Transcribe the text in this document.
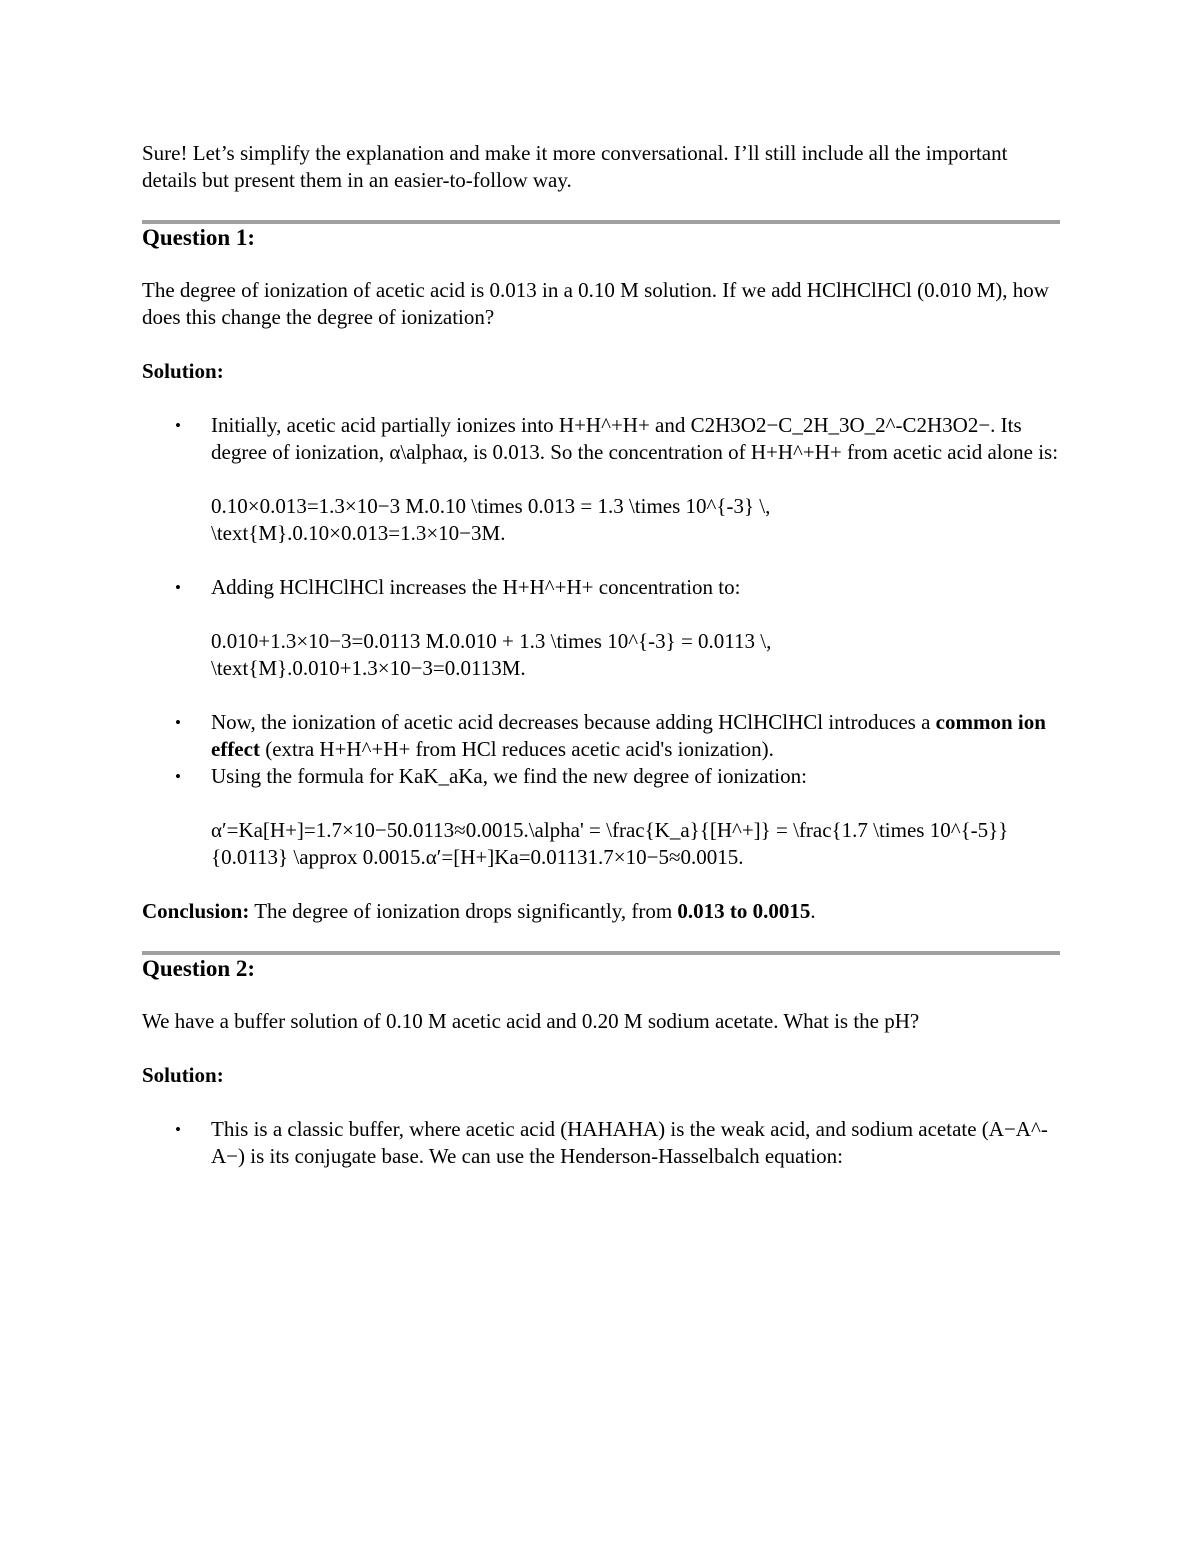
Sure! Let’s simplify the explanation and make it more conversational. I’ll still include all the important details but present them in an easier-to-follow way.

Question 1:

The degree of ionization of acetic acid is 0.013 in a 0.10 M solution. If we add HClHClHCl (0.010 M), how does this change the degree of ionization?

Solution:

• Initially, acetic acid partially ionizes into H+H^+H+ and C2H3O2−C_2H_3O_2^-C2H3O2−. Its degree of ionization, α\alphaα, is 0.013. So the concentration of H+H^+H+ from acetic acid alone is:

0.10×0.013=1.3×10−3 M.0.10 \times 0.013 = 1.3 \times 10^{-3} \, \text{M}.0.10×0.013=1.3×10−3M.

• Adding HClHClHCl increases the H+H^+H+ concentration to:

0.010+1.3×10−3=0.0113 M.0.010 + 1.3 \times 10^{-3} = 0.0113 \, \text{M}.0.010+1.3×10−3=0.0113M.

• Now, the ionization of acetic acid decreases because adding HClHClHCl introduces a common ion effect (extra H+H^+H+ from HCl reduces acetic acid's ionization).

• Using the formula for KaK_aKa, we find the new degree of ionization:

α′=Ka[H+]=1.7×10−50.0113≈0.0015.\alpha' = \frac{K_a}{[H^+]} = \frac{1.7 \times 10^{-5}}{0.0113} \approx 0.0015.α′=[H+]Ka​=0.01131.7×10−5​≈0.0015.

Conclusion: The degree of ionization drops significantly, from 0.013 to 0.0015.

Question 2:

We have a buffer solution of 0.10 M acetic acid and 0.20 M sodium acetate. What is the pH?

Solution:

• This is a classic buffer, where acetic acid (HAHAHA) is the weak acid, and sodium acetate (A−A^-A−) is its conjugate base. We can use the Henderson-Hasselbalch equation:
